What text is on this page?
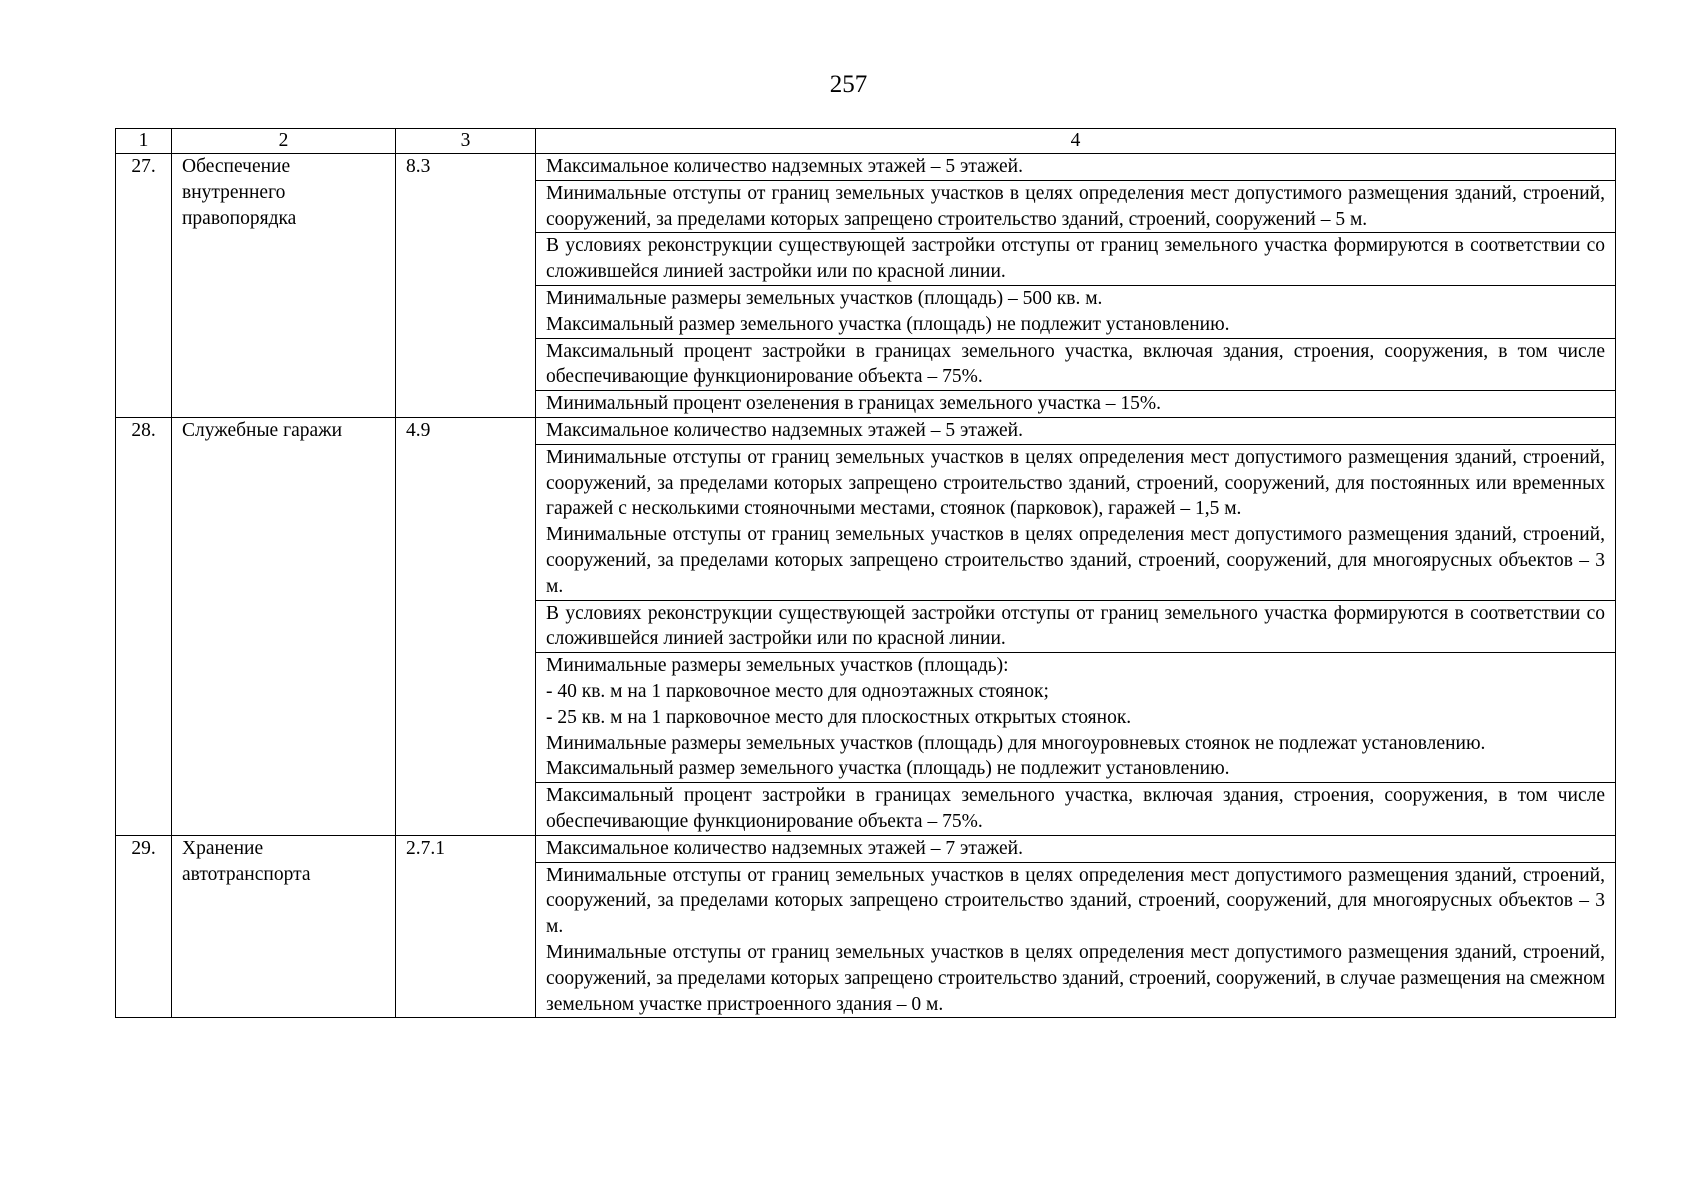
257
1	2	3	4
27.	Обеспечение внутреннего правопорядка	8.3	Максимальное количество надземных этажей – 5 этажей.

			Минимальные отступы от границ земельных участков в целях определения мест допустимого размещения зданий, строений, сооружений, за пределами которых запрещено строительство зданий, строений, сооружений – 5 м.

			В условиях реконструкции существующей застройки отступы от границ земельного участка формируются в соответствии со сложившейся линией застройки или по красной линии.

			Минимальные размеры земельных участков (площадь) – 500 кв. м.
Максимальный размер земельного участка (площадь) не подлежит установлению.

			Максимальный процент застройки в границах земельного участка, включая здания, строения, сооружения, в том числе обеспечивающие функционирование объекта – 75%.

			Минимальный процент озеленения в границах земельного участка – 15%.

28.	Служебные гаражи	4.9	Максимальное количество надземных этажей – 5 этажей.

			Минимальные отступы от границ земельных участков в целях определения мест допустимого размещения зданий, строений, сооружений, за пределами которых запрещено строительство зданий, строений, сооружений, для постоянных или временных гаражей с несколькими стояночными местами, стоянок (парковок), гаражей – 1,5 м.
Минимальные отступы от границ земельных участков в целях определения мест допустимого размещения зданий, строений, сооружений, за пределами которых запрещено строительство зданий, строений, сооружений, для многоярусных объектов – 3 м.

			В условиях реконструкции существующей застройки отступы от границ земельного участка формируются в соответствии со сложившейся линией застройки или по красной линии.

			Минимальные размеры земельных участков (площадь):
- 40 кв. м на 1 парковочное место для одноэтажных стоянок;
- 25 кв. м на 1 парковочное место для плоскостных открытых стоянок.
Минимальные размеры земельных участков (площадь) для многоуровневых стоянок не подлежат установлению.
Максимальный размер земельного участка (площадь) не подлежит установлению.

			Максимальный процент застройки в границах земельного участка, включая здания, строения, сооружения, в том числе обеспечивающие функционирование объекта – 75%.

29.	Хранение автотранспорта	2.7.1	Максимальное количество надземных этажей – 7 этажей.

			Минимальные отступы от границ земельных участков в целях определения мест допустимого размещения зданий, строений, сооружений, за пределами которых запрещено строительство зданий, строений, сооружений, для многоярусных объектов – 3 м.
Минимальные отступы от границ земельных участков в целях определения мест допустимого размещения зданий, строений, сооружений, за пределами которых запрещено строительство зданий, строений, сооружений, в случае размещения на смежном земельном участке пристроенного здания – 0 м.
